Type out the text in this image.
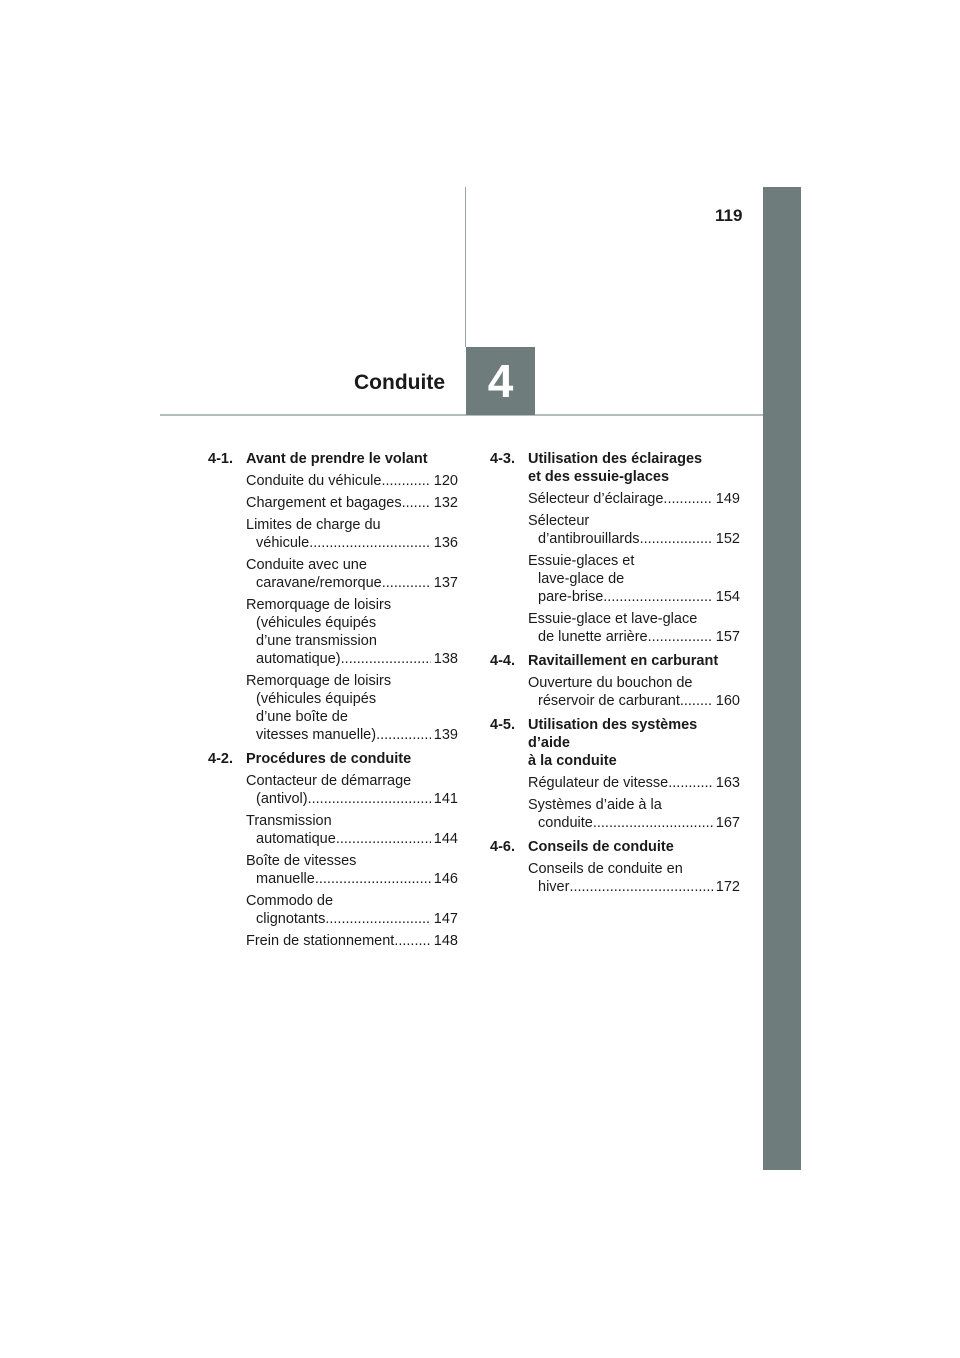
4
Conduite
119
4-1. Avant de prendre le volant
Conduite du véhicule .....	120
Chargement et bagages ..... 132
Limites de charge du
véhicule .....	136
Conduite avec une
caravane/remorque .....	137
Remorquage de loisirs
(véhicules équipés
d’une transmission
automatique) .....	138
Remorquage de loisirs
(véhicules équipés
d’une boîte de
vitesses manuelle) .....	139
4-2. Procédures de conduite
Contacteur de démarrage
(antivol) .....	141
Transmission
automatique .....	144
Boîte de vitesses
manuelle .....	146
Commodo de
clignotants .....	147
Frein de stationnement .....	148
4-3. Utilisation des éclairages
et des essuie-glaces
Sélecteur d’éclairage .....	149
Sélecteur
d’antibrouillards .....	152
Essuie-glaces et
lave-glace de
pare-brise .....	154
Essuie-glace et lave-glace
de lunette arrière .....	157
4-4. Ravitaillement en carburant
Ouverture du bouchon de
réservoir de carburant ..... 160
4-5. Utilisation des systèmes
d’aide
à la conduite
Régulateur de vitesse .....	163
Systèmes d’aide à la
conduite .....	167
4-6. Conseils de conduite
Conseils de conduite en
hiver .....	172
